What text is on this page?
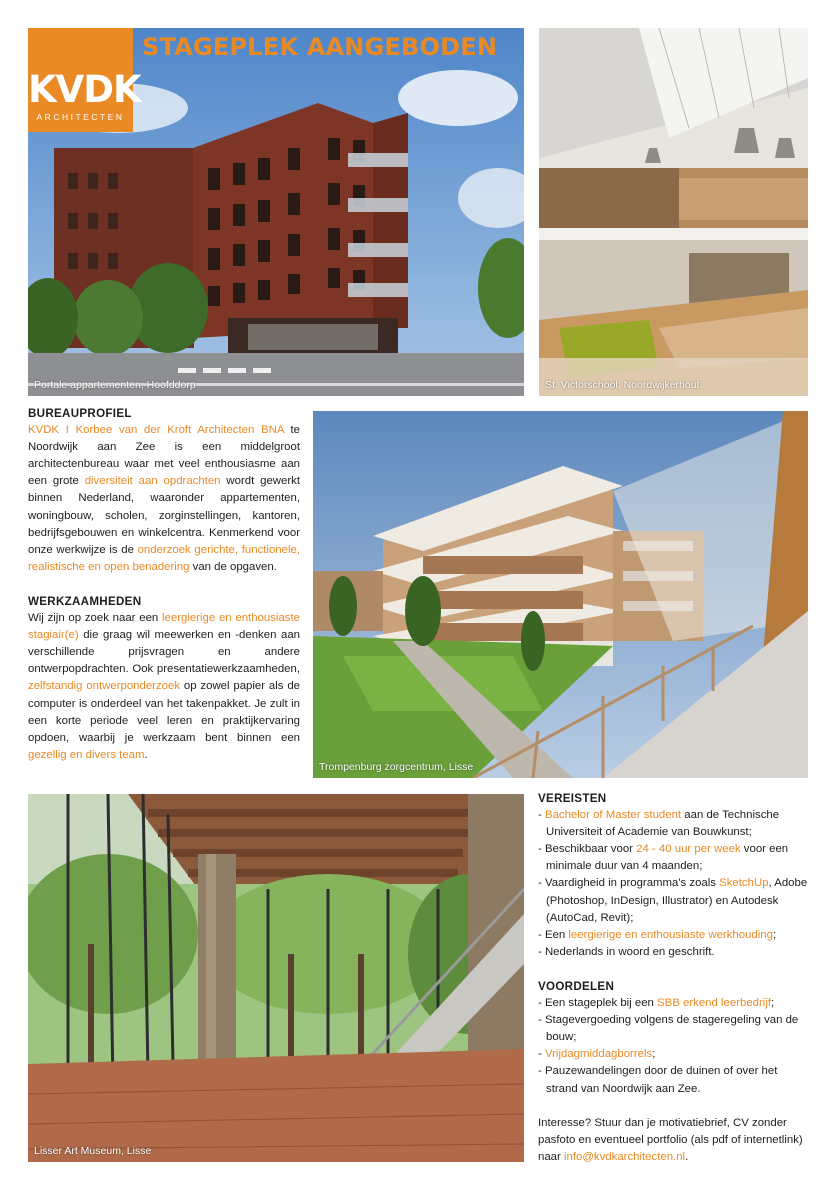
Portale appartementen, Hoofddorp
KVDK
ARCHITECTEN
STAGEPLEK AANGEBODEN
St. Victorschool, Noordwijkerhout
BUREAUPROFIEL

KVDK I Korbee van der Kroft Architecten BNA te Noordwijk aan Zee is een middelgroot architectenbureau waar met veel enthousiasme aan een grote diversiteit aan opdrachten wordt gewerkt binnen Nederland, waaronder appartementen, woningbouw, scholen, zorginstellingen, kantoren, bedrijfsgebouwen en winkelcentra. Kenmerkend voor onze werkwijze is de onderzoek gerichte, functionele, realistische en open benadering van de opgaven.

WERKZAAMHEDEN

Wij zijn op zoek naar een leergierige en enthousiaste stagiair(e) die graag wil meewerken en -denken aan verschillende prijsvragen en andere ontwerpopdrachten. Ook presentatiewerkzaamheden, zelfstandig ontwerponderzoek op zowel papier als de computer is onderdeel van het takenpakket. Je zult in een korte periode veel leren en praktijkervaring opdoen, waarbij je werkzaam bent binnen een gezellig en divers team.

Trompenburg zorgcentrum, Lisse
Lisser Art Museum, Lisse
VEREISTEN
- Bachelor of Master student aan de Technische Universiteit of Academie van Bouwkunst;
- Beschikbaar voor 24 - 40 uur per week voor een minimale duur van 4 maanden;
- Vaardigheid in programma's zoals SketchUp, Adobe (Photoshop, InDesign, Illustrator) en Autodesk (AutoCad, Revit);
- Een leergierige en enthousiaste werkhouding;
- Nederlands in woord en geschrift.
VOORDELEN
- Een stageplek bij een SBB erkend leerbedrijf;
- Stagevergoeding volgens de stageregeling van de bouw;
- Vrijdagmiddagborrels;
- Pauzewandelingen door de duinen of over het strand van Noordwijk aan Zee.

Interesse? Stuur dan je motivatiebrief, CV zonder pasfoto en eventueel portfolio (als pdf of internetlink) naar info@kvdkarchitecten.nl.
